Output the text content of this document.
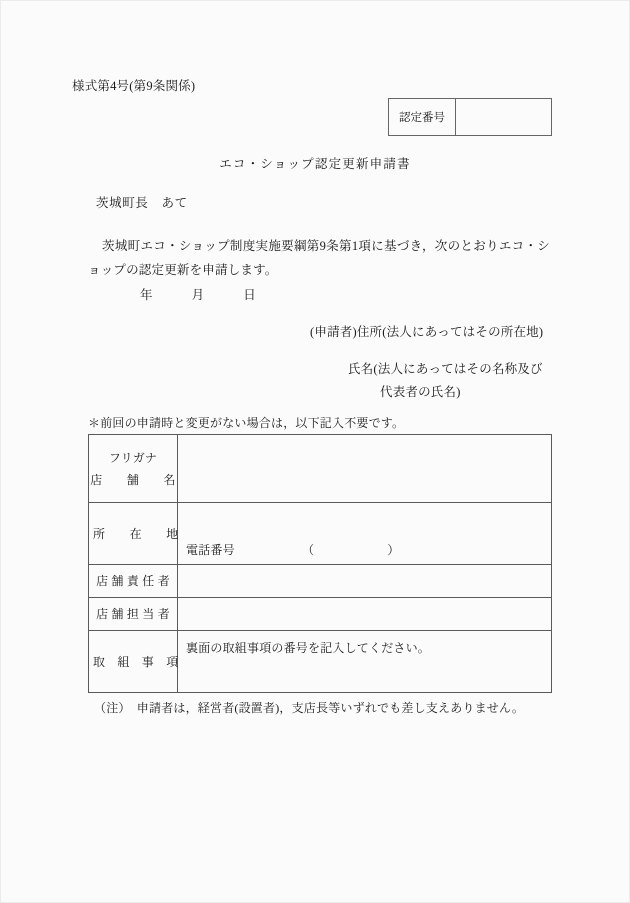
様式第4号(第9条関係)
認定番号
エコ・ショップ認定更新申請書
茨城町長　あて
茨城町エコ・ショップ制度実施要綱第9条第1項に基づき，次のとおりエコ・ショップの認定更新を申請します。
年　　　月　　　日
(申請者)住所(法人にあってはその所在地)
氏名(法人にあってはその名称及び
代表者の氏名)
＊前回の申請時と変更がない場合は，以下記入不要です。
フリガナ
店　　舗　　名	

所　　在　　地	電話番号　　　　　　（　　　　　　）

店 舗 責 任 者	

店 舗 担 当 者	

取　組　事　項	裏面の取組事項の番号を記入してください。
（注）　申請者は，経営者(設置者)，支店長等いずれでも差し支えありません。
